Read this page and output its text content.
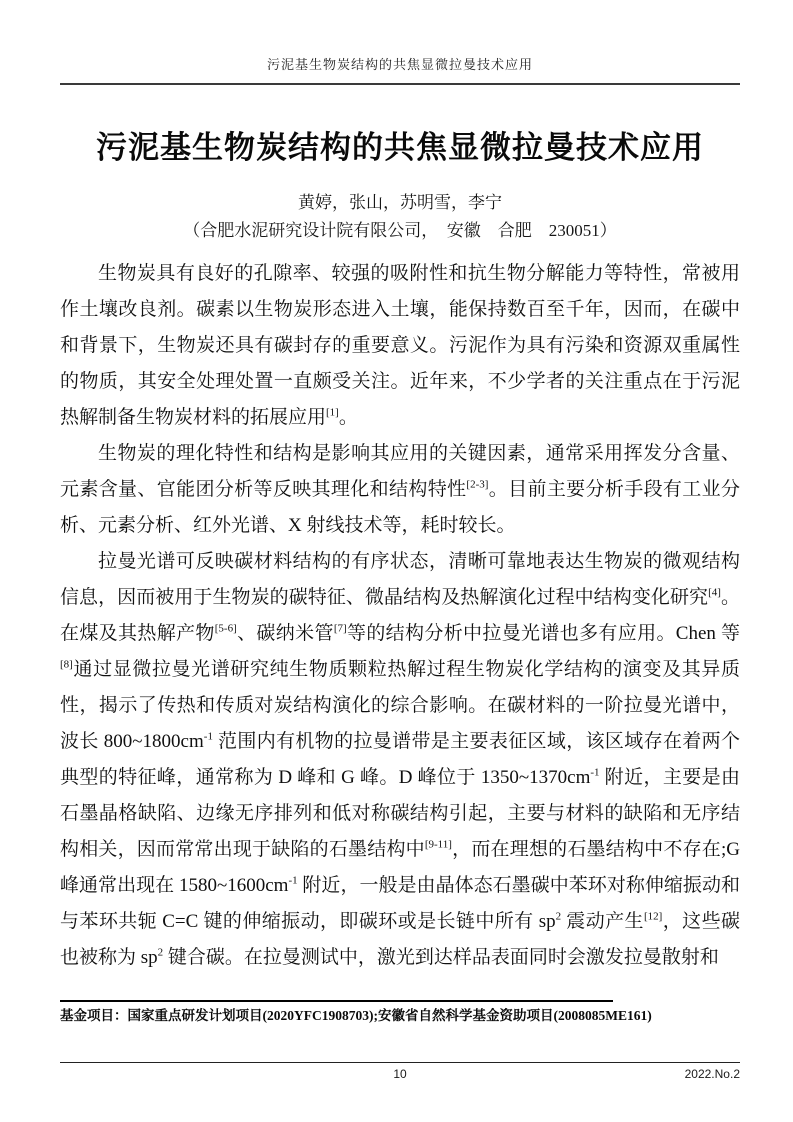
污泥基生物炭结构的共焦显微拉曼技术应用
污泥基生物炭结构的共焦显微拉曼技术应用
黄婷，张山，苏明雪，李宁
（合肥水泥研究设计院有限公司，　安徽　合肥　230051）

生物炭具有良好的孔隙率、较强的吸附性和抗生物分解能力等特性，常被用作土壤改良剂。碳素以生物炭形态进入土壤，能保持数百至千年，因而，在碳中和背景下，生物炭还具有碳封存的重要意义。污泥作为具有污染和资源双重属性的物质，其安全处理处置一直颇受关注。近年来，不少学者的关注重点在于污泥热解制备生物炭材料的拓展应用[1]。

生物炭的理化特性和结构是影响其应用的关键因素，通常采用挥发分含量、元素含量、官能团分析等反映其理化和结构特性[2-3]。目前主要分析手段有工业分析、元素分析、红外光谱、X 射线技术等，耗时较长。

拉曼光谱可反映碳材料结构的有序状态，清晰可靠地表达生物炭的微观结构信息，因而被用于生物炭的碳特征、微晶结构及热解演化过程中结构变化研究[4]。在煤及其热解产物[5-6]、碳纳米管[7]等的结构分析中拉曼光谱也多有应用。Chen 等[8]通过显微拉曼光谱研究纯生物质颗粒热解过程生物炭化学结构的演变及其异质性，揭示了传热和传质对炭结构演化的综合影响。在碳材料的一阶拉曼光谱中，波长 $800\sim 1800cm^{-1}$ 范围内有机物的拉曼谱带是主要表征区域，该区域存在着两个典型的特征峰，通常称为 D 峰和 G 峰。D 峰位于 $1350\sim 1370cm^{-1}$ 附近，主要是由石墨晶格缺陷、边缘无序排列和低对称碳结构引起，主要与材料的缺陷和无序结构相关，因而常常出现于缺陷的石墨结构中[9-11]，而在理想的石墨结构中不存在;G 峰通常出现在 $1580\sim 1600cm^{-1}$ 附近，一般是由晶体态石墨碳中苯环对称伸缩振动和与苯环共轭 C=C 键的伸缩振动，即碳环或是长链中所有 $sp^2$ 震动产生[12]，这些碳也被称为 $sp^2$ 键合碳。在拉曼测试中，激光到达样品表面同时会激发拉曼散射和

基金项目：国家重点研发计划项目(2020YFC1908703);安徽省自然科学基金资助项目(2008085ME161)
10	2022.No.2
